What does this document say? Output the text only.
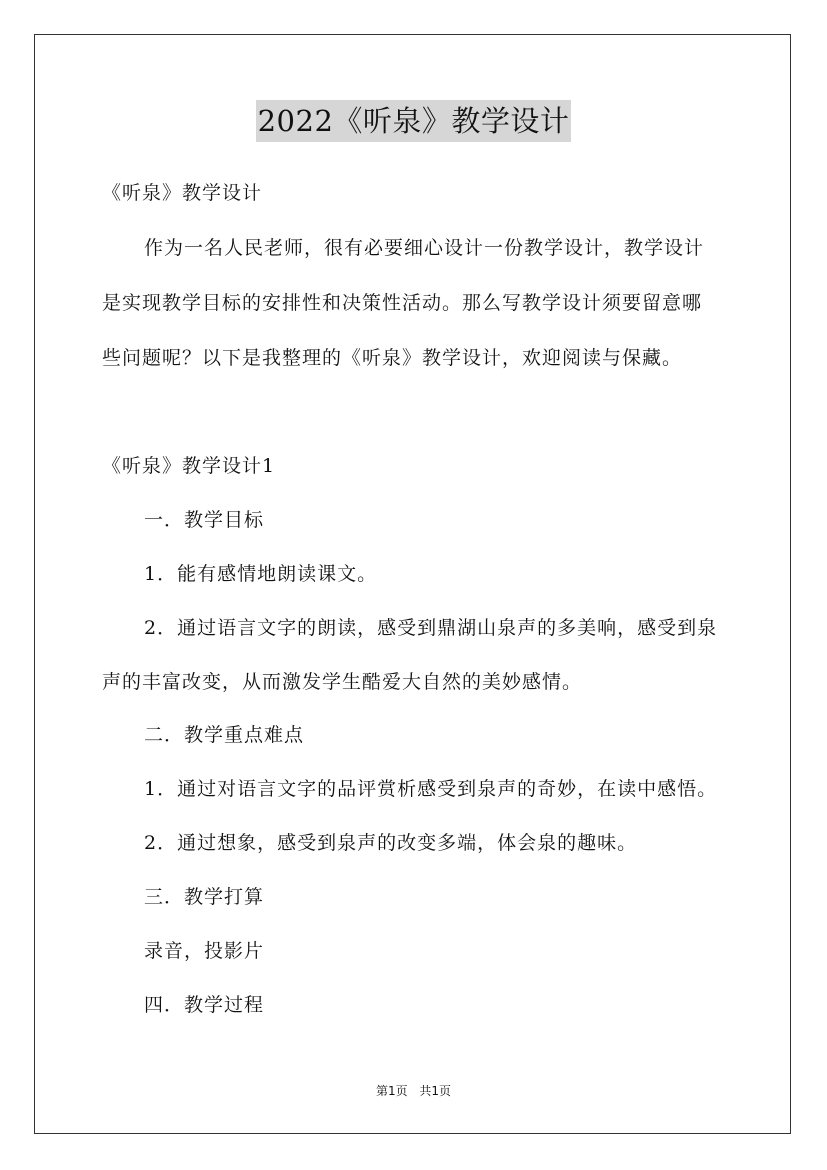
2022《听泉》教学设计
《听泉》教学设计
作为一名人民老师，很有必要细心设计一份教学设计，教学设计
是实现教学目标的安排性和决策性活动。那么写教学设计须要留意哪
些问题呢？以下是我整理的《听泉》教学设计，欢迎阅读与保藏。
《听泉》教学设计1
一．教学目标
1．能有感情地朗读课文。
2．通过语言文字的朗读，感受到鼎湖山泉声的多美响，感受到泉
声的丰富改变，从而激发学生酷爱大自然的美妙感情。
二．教学重点难点
1．通过对语言文字的品评赏析感受到泉声的奇妙，在读中感悟。
2．通过想象，感受到泉声的改变多端，体会泉的趣味。
三．教学打算
录音，投影片
四．教学过程
第1页 共1页
